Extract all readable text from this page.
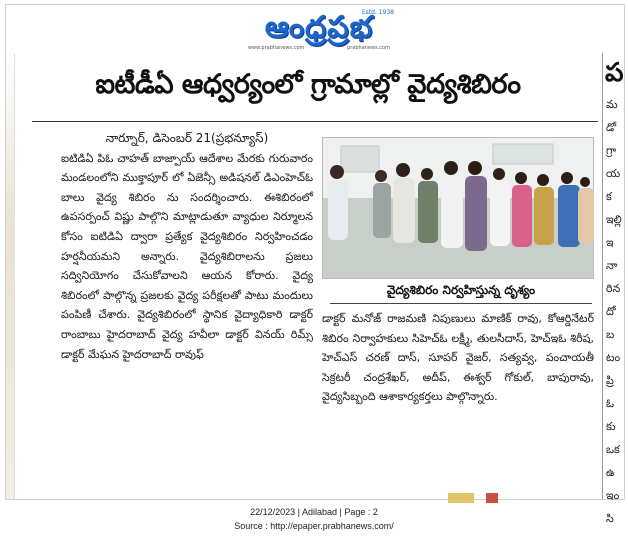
ఆంధ్రప్రభ
Estd. 1938
www.prabhanews.com	prabhanews.com
ప
మ
డో
గ్రా
య
క
ఇల్లి
ఇ
నా
రిన
దో
బ
టం
ప్రి
ఓ
కు
ఒక
ఉ
ఇం
సి
ఐటీడీఏ ఆధ్వర్యంలో గ్రామాల్లో వైద్యశిబిరం
నార్నూర్, డిసెంబర్ 21(ప్రభన్యూస్)

ఐటిడిఏ పిఓ చాహత్ బాజ్పాయ్ ఆదేశాల మేరకు గురువారం మండలంలోని ముక్తాపూర్ లో ఏజెన్సీ అడిషనల్ డిఎంహెచ్ఓ బాలు వైద్య శిబిరం ను సందర్శించారు. ఈశిబిరంలో ఉపసర్పంచ్ విష్ణు పాల్గొని మాట్లాడుతూ వ్యాధుల నిర్మూలన కోసం ఐటిడిఏ ద్వారా ప్రత్యేక వైద్యశిబిరం నిర్వహించడం హర్షనీయమని అన్నారు. వైద్యశిబిరాలను ప్రజలు సద్వినియోగం చేసుకోవాలని ఆయన కోరారు. వైద్య శిబిరంలో పాల్గొన్న ప్రజలకు వైద్య పరీక్షలతో పాటు మందులు పంపిణీ చేశారు. వైద్యశిబిరంలో స్థానిక వైద్యాధికారి డాక్టర్ రాంబాబు హైదరాబాద్ వైద్య హవీలా డాక్టర్ వినయ్ రిమ్స్ డాక్టర్ మేఘన హైదరాబాద్ రావుఫ్

వైద్యశిబిరం నిర్వహిస్తున్న దృశ్యం

డాక్టర్ మనోజ్ రాజమణి నిపుణులు మాణిక్ రావు, కోఆర్డినేటర్ శిబిరం నిర్వాహకులు సిహెచ్ఓ లక్ష్మీ, తులసీదాస్, హెచ్ఇఓ శిరీష, హెచ్ఎస్ చరణ్ దాస్, సూపర్ వైజర్, సత్యవ్వ, పంచాయతీ సెక్రటరీ చంద్రశేఖర్, అదీప్, ఈశ్వర్ గోకుల్, బాపురావు, వైద్యసిబ్బంది ఆశాకార్యకర్తలు పాల్గొన్నారు.

22/12/2023 | Adilabad | Page : 2
Source : http://epaper.prabhanews.com/
